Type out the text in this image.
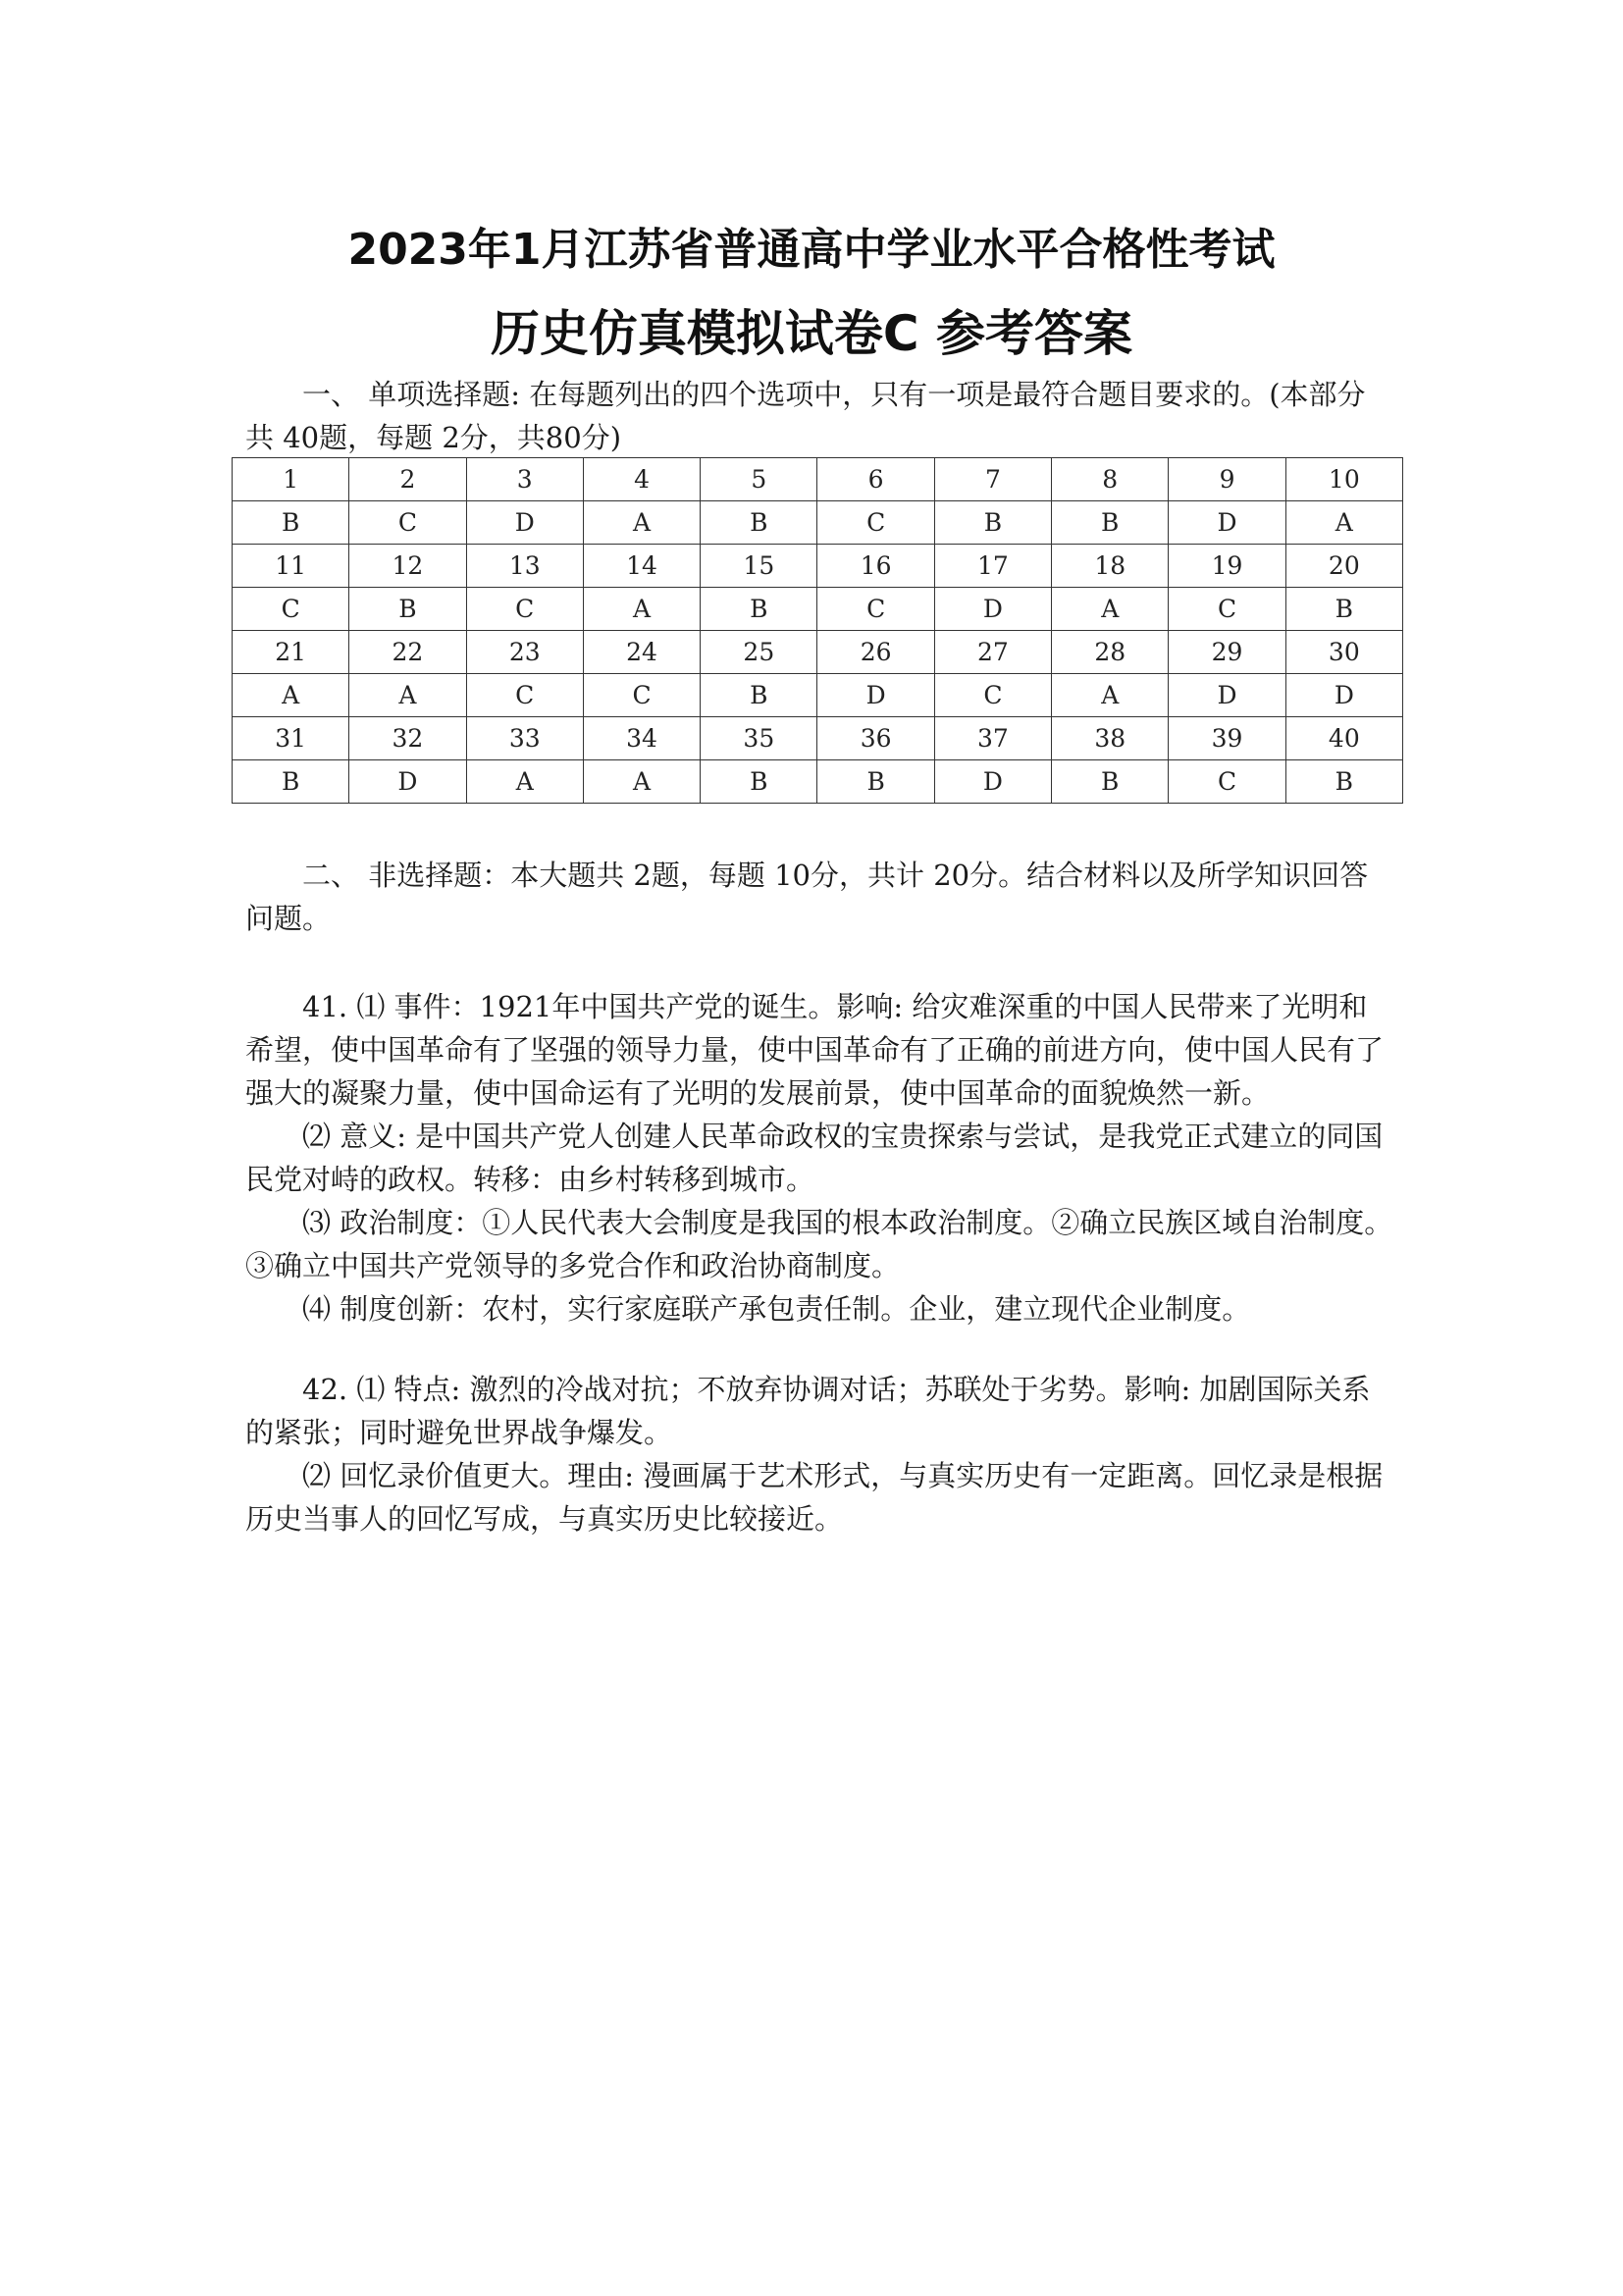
2023年1月江苏省普通高中学业水平合格性考试
历史仿真模拟试卷C 参考答案
一、 单项选择题: 在每题列出的四个选项中，只有一项是最符合题目要求的。(本部分共 40题，每题 2分，共80分)
1	2	3	4	5	6	7	8	9	10
B	C	D	A	B	C	B	B	D	A
11	12	13	14	15	16	17	18	19	20
C	B	C	A	B	C	D	A	C	B
21	22	23	24	25	26	27	28	29	30
A	A	C	C	B	D	C	A	D	D
31	32	33	34	35	36	37	38	39	40
B	D	A	A	B	B	D	B	C	B
二、 非选择题：本大题共 2题，每题 10分，共计 20分。结合材料以及所学知识回答问题。

41. ⑴ 事件：1921年中国共产党的诞生。影响: 给灾难深重的中国人民带来了光明和希望，使中国革命有了坚强的领导力量，使中国革命有了正确的前进方向，使中国人民有了强大的凝聚力量，使中国命运有了光明的发展前景，使中国革命的面貌焕然一新。

⑵ 意义: 是中国共产党人创建人民革命政权的宝贵探索与尝试，是我党正式建立的同国民党对峙的政权。转移：由乡村转移到城市。

⑶ 政治制度：①人民代表大会制度是我国的根本政治制度。②确立民族区域自治制度。③确立中国共产党领导的多党合作和政治协商制度。

⑷ 制度创新：农村，实行家庭联产承包责任制。企业，建立现代企业制度。

42. ⑴ 特点: 激烈的冷战对抗；不放弃协调对话；苏联处于劣势。影响: 加剧国际关系的紧张；同时避免世界战争爆发。

⑵ 回忆录价值更大。理由: 漫画属于艺术形式，与真实历史有一定距离。回忆录是根据历史当事人的回忆写成，与真实历史比较接近。
